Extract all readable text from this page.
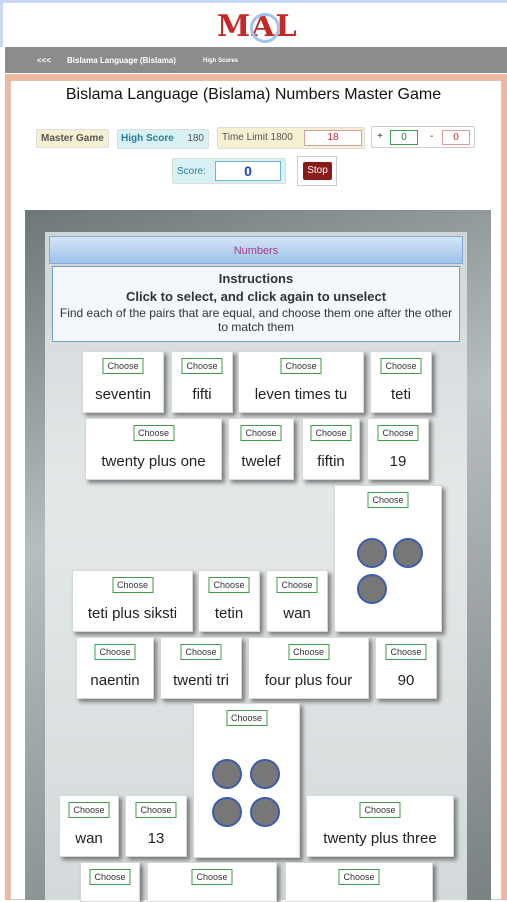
MAL
<<< Bislama Language (Bislama)	High Scores
Bislama Language (Bislama) Numbers Master Game
Master Game	High Score 180 Time Limit 1800	18	+	0	-	0
Score:	0	Stop
Numbers
Instructions
Click to select, and click again to unselect
Find each of the pairs that are equal, and choose them one after the other to match them
Choose
seventin
Choose
fifti
Choose
leven times tu
Choose
teti
Choose
twenty plus one
Choose
twelef
Choose
fiftin
Choose
19
Choose
Choose
teti plus siksti
Choose
tetin
Choose
wan
Choose
naentin
Choose
twenti tri
Choose
four plus four
Choose
90
Choose
Choose
wan
Choose
13
Choose
twenty plus three
Choose	Choose	Choose
